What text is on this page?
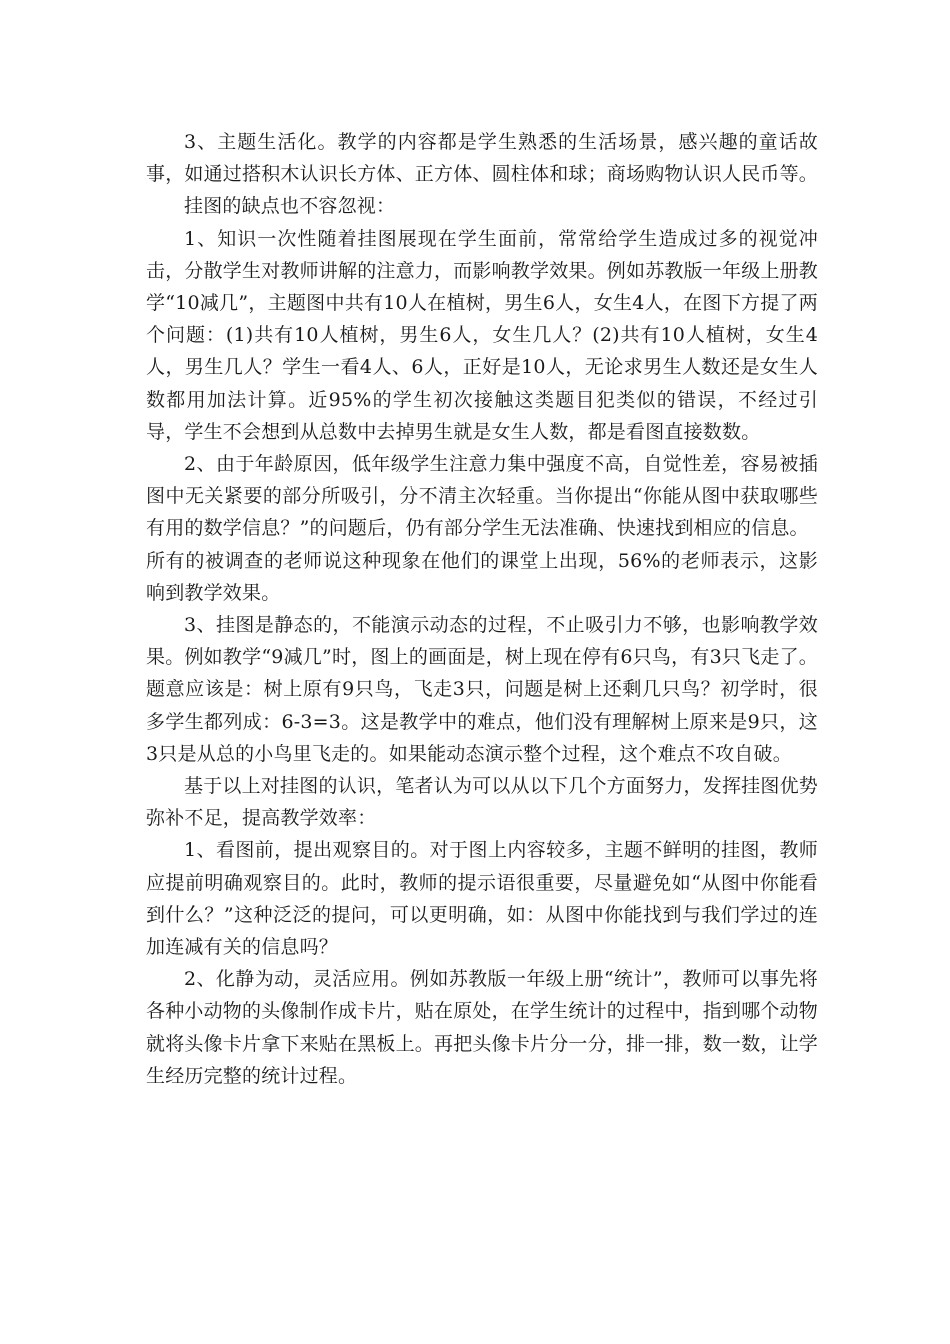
3、主题生活化。教学的内容都是学生熟悉的生活场景，感兴趣的童话故事，如通过搭积木认识长方体、正方体、圆柱体和球；商场购物认识人民币等。

挂图的缺点也不容忽视：

1、知识一次性随着挂图展现在学生面前，常常给学生造成过多的视觉冲击，分散学生对教师讲解的注意力，而影响教学效果。例如苏教版一年级上册教学“10减几”，主题图中共有10人在植树，男生6人，女生4人，在图下方提了两个问题：(1)共有10人植树，男生6人，女生几人？(2)共有10人植树，女生4人，男生几人？学生一看4人、6人，正好是10人，无论求男生人数还是女生人数都用加法计算。近95%的学生初次接触这类题目犯类似的错误，不经过引导，学生不会想到从总数中去掉男生就是女生人数，都是看图直接数数。

2、由于年龄原因，低年级学生注意力集中强度不高，自觉性差，容易被插图中无关紧要的部分所吸引，分不清主次轻重。当你提出“你能从图中获取哪些有用的数学信息？”的问题后，仍有部分学生无法准确、快速找到相应的信息。

所有的被调查的老师说这种现象在他们的课堂上出现，56%的老师表示，这影响到教学效果。

3、挂图是静态的，不能演示动态的过程，不止吸引力不够，也影响教学效果。例如教学“9减几”时，图上的画面是，树上现在停有6只鸟，有3只飞走了。题意应该是：树上原有9只鸟，飞走3只，问题是树上还剩几只鸟？初学时，很多学生都列成：6-3=3。这是教学中的难点，他们没有理解树上原来是9只，这3只是从总的小鸟里飞走的。如果能动态演示整个过程，这个难点不攻自破。

基于以上对挂图的认识，笔者认为可以从以下几个方面努力，发挥挂图优势弥补不足，提高教学效率：

1、看图前，提出观察目的。对于图上内容较多，主题不鲜明的挂图，教师应提前明确观察目的。此时，教师的提示语很重要，尽量避免如“从图中你能看到什么？”这种泛泛的提问，可以更明确，如：从图中你能找到与我们学过的连加连减有关的信息吗？

2、化静为动，灵活应用。例如苏教版一年级上册“统计”，教师可以事先将各种小动物的头像制作成卡片，贴在原处，在学生统计的过程中，指到哪个动物就将头像卡片拿下来贴在黑板上。再把头像卡片分一分，排一排，数一数，让学生经历完整的统计过程。
